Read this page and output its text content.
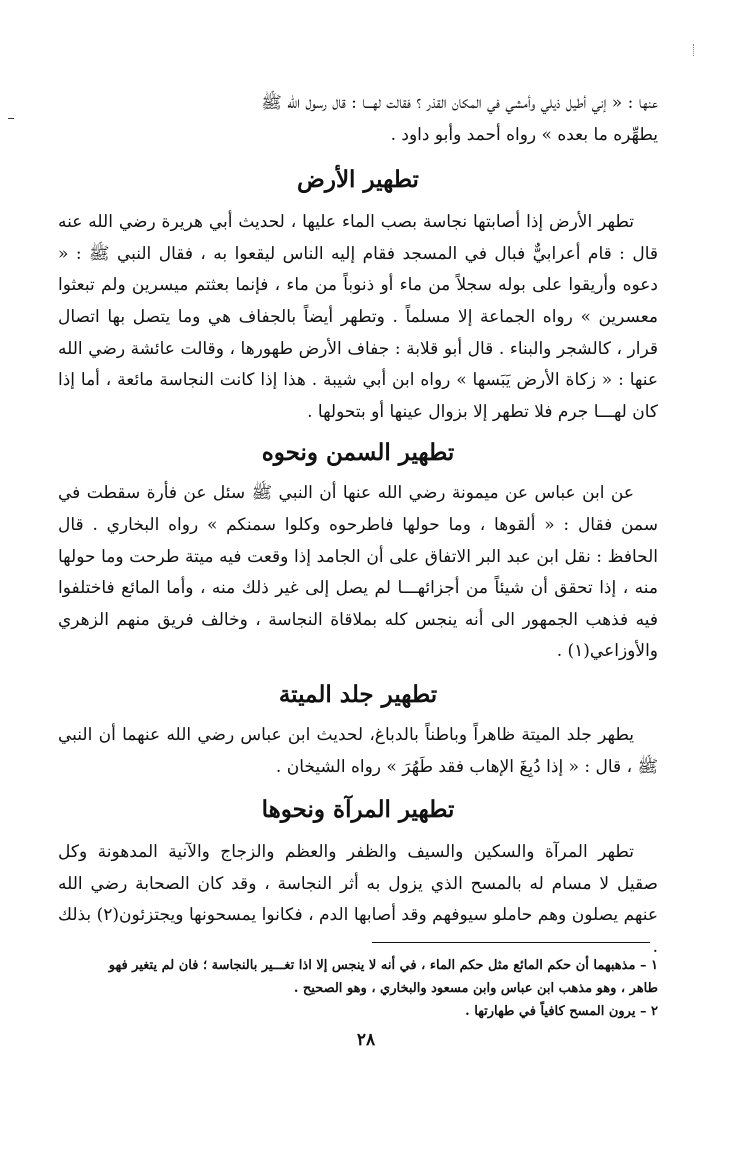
عنها : « إني أطيل ذيلي وأمشي في المكان القذر ؟ فقالت لهـــا : قال رسول الله ﷺ

يطهِّره ما بعده » رواه أحمد وأبو داود .

تطهير الأرض

تطهر الأرض إذا أصابتها نجاسة بصب الماء عليها ، لحديث أبي هريرة رضي الله عنه قال : قام أعرابيٌّ فبال في المسجد فقام إليه الناس ليقعوا به ، فقال النبي ﷺ : « دعوه وأريقوا على بوله سجلاً من ماء أو ذنوباً من ماء ، فإنما بعثتم ميسرين ولم تبعثوا معسرين » رواه الجماعة إلا مسلماً . وتطهر أيضاً بالجفاف هي وما يتصل بها اتصال قرار ، كالشجر والبناء . قال أبو قلابة : جفاف الأرض طهورها ، وقالت عائشة رضي الله عنها : « زكاة الأرض يَبَسها » رواه ابن أبي شيبة . هذا إذا كانت النجاسة مائعة ، أما إذا كان لهـــا جرم فلا تطهر إلا بزوال عينها أو بتحولها .

تطهير السمن ونحوه

عن ابن عباس عن ميمونة رضي الله عنها أن النبي ﷺ سئل عن فأرة سقطت في سمن فقال : « ألقوها ، وما حولها فاطرحوه وكلوا سمنكم » رواه البخاري . قال الحافظ : نقل ابن عبد البر الاتفاق على أن الجامد إذا وقعت فيه ميتة طرحت وما حولها منه ، إذا تحقق أن شيئاً من أجزائهـــا لم يصل إلى غير ذلك منه ، وأما المائع فاختلفوا فيه فذهب الجمهور الى أنه ينجس كله بملاقاة النجاسة ، وخالف فريق منهم الزهري والأوزاعي(١) .

تطهير جلد الميتة

يطهر جلد الميتة ظاهراً وباطناً بالدباغ، لحديث ابن عباس رضي الله عنهما أن النبي ﷺ ، قال : « إذا دُبِغَ الإهاب فقد طَهُرَ » رواه الشيخان .

تطهير المرآة ونحوها

تطهر المرآة والسكين والسيف والظفر والعظم والزجاج والآنية المدهونة وكل صقيل لا مسام له بالمسح الذي يزول به أثر النجاسة ، وقد كان الصحابة رضي الله عنهم يصلون وهم حاملو سيوفهم وقد أصابها الدم ، فكانوا يمسحونها ويجتزئون(٢) بذلك .

١ – مذهبهما أن حكم المائع مثل حكم الماء ، في أنه لا ينجس إلا اذا تغـــير بالنجاسة ؛ فان لم يتغير فهو

طاهر ، وهو مذهب ابن عباس وابن مسعود والبخاري ، وهو الصحيح .

٢ – يرون المسح كافياً في طهارتها .

٢٨
